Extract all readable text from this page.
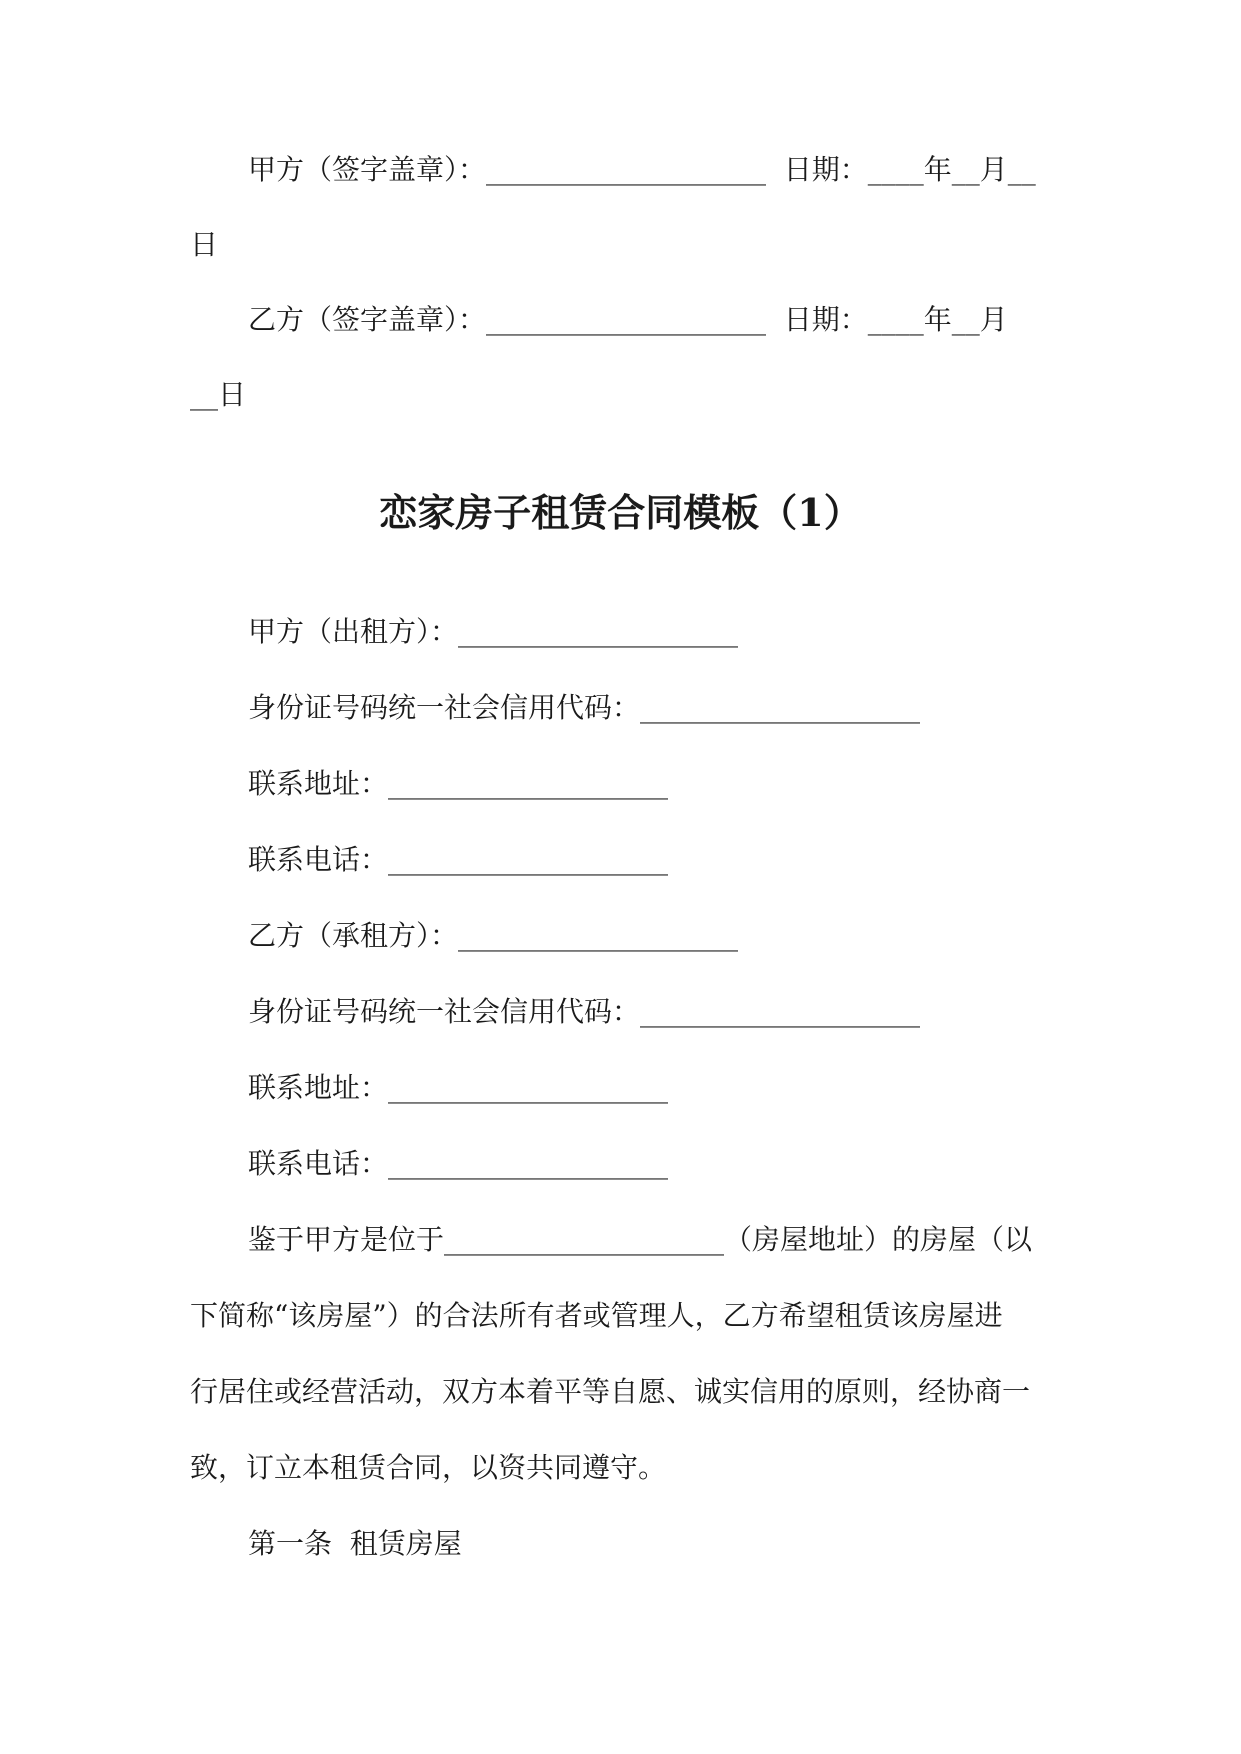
甲方（签字盖章）：____________________  日期：____年__月__
日
乙方（签字盖章）：____________________  日期：____年__月
__日
恋家房子租赁合同模板（1）
甲方（出租方）：____________________
身份证号码统一社会信用代码：____________________
联系地址：____________________
联系电话：____________________
乙方（承租方）：____________________
身份证号码统一社会信用代码：____________________
联系地址：____________________
联系电话：____________________
鉴于甲方是位于____________________（房屋地址）的房屋（以
下简称“该房屋”）的合法所有者或管理人，乙方希望租赁该房屋进
行居住或经营活动，双方本着平等自愿、诚实信用的原则，经协商一
致，订立本租赁合同，以资共同遵守。
第一条  租赁房屋
